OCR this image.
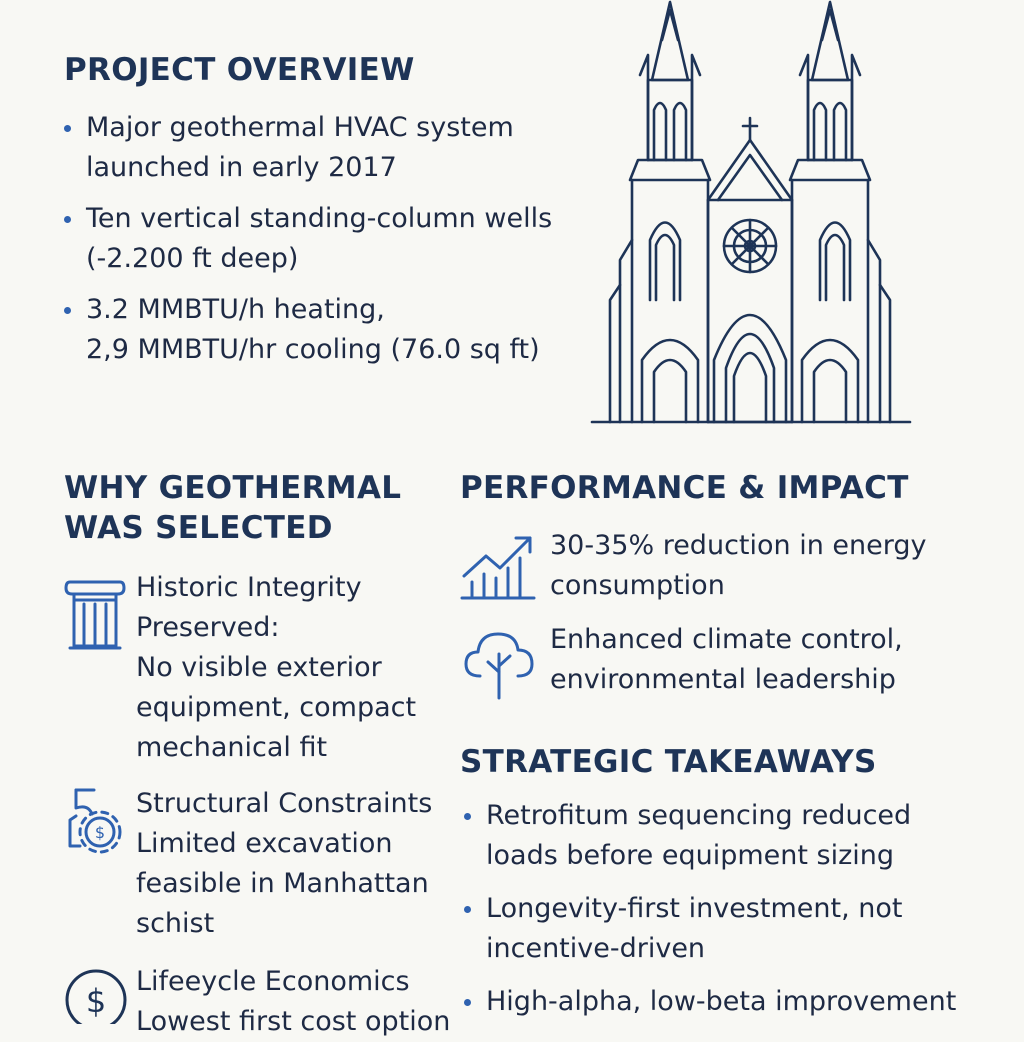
PROJECT OVERVIEW
Major geothermal HVAC system
launched in early 2017
Ten vertical standing-column wells
(-2.200 ft deep)
3.2 MMBTU/h heating,
2,9 MMBTU/hr cooling (76.0 sq ft)
WHY GEOTHERMAL
WAS SELECTED
Historic Integrity
Preserved:
No visible exterior
equipment, compact
mechanical fit
$
Structural Constraints
Limited excavation
feasible in Manhattan
schist
$
Lifeeycle Economics
Lowest first cost option
PERFORMANCE & IMPACT
30-35% reduction in energy
consumption
Enhanced climate control,
environmental leadership
STRATEGIC TAKEAWAYS
Retrofitum sequencing reduced
loads before equipment sizing
Longevity-first investment, not
incentive-driven
High-alpha, low-beta improvement
